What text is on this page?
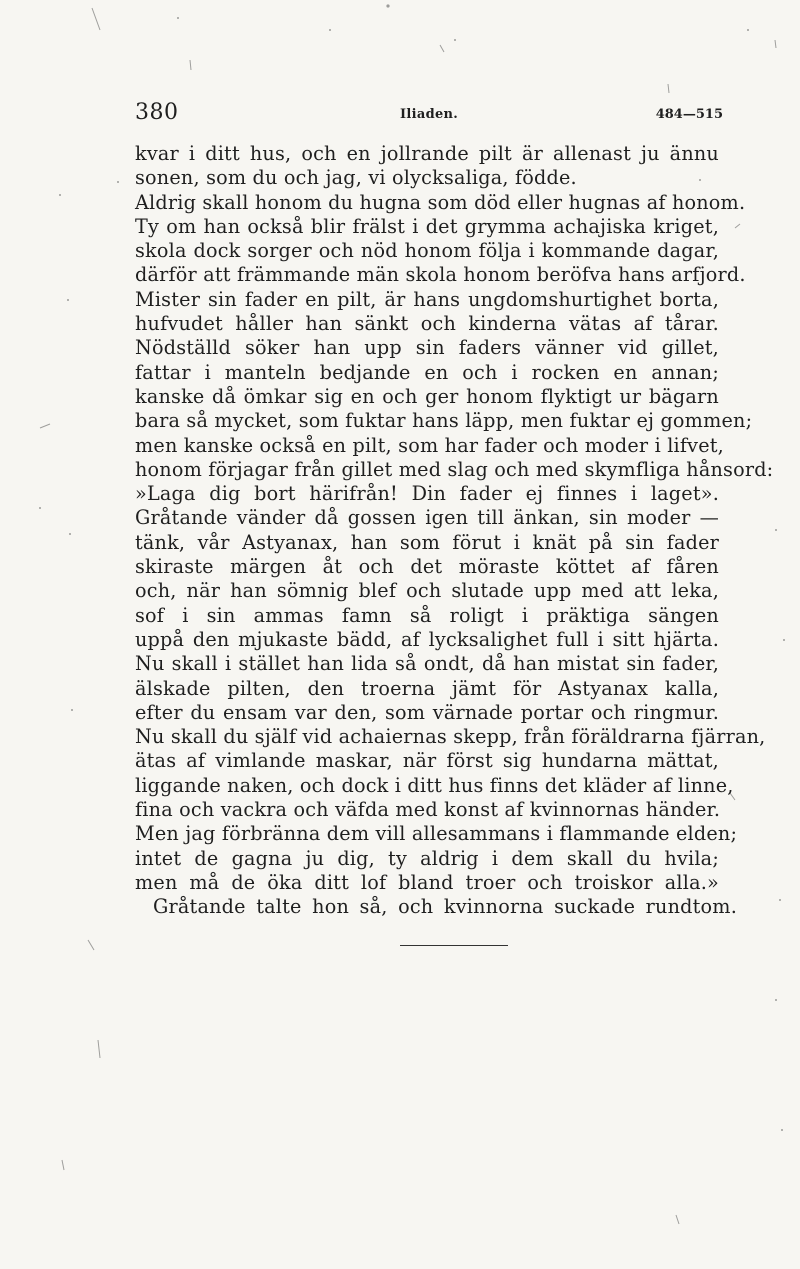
380	Iliaden.	484—515
kvar i ditt hus, och en jollrande pilt är allenast ju ännu
sonen, som du och jag, vi olycksaliga, födde.
Aldrig skall honom du hugna som död eller hugnas af honom.
Ty om han också blir frälst i det grymma achajiska kriget,
skola dock sorger och nöd honom följa i kommande dagar,
därför att främmande män skola honom beröfva hans arfjord.
Mister sin fader en pilt, är hans ungdomshurtighet borta,
hufvudet håller han sänkt och kinderna vätas af tårar.
Nödställd söker han upp sin faders vänner vid gillet,
fattar i manteln bedjande en och i rocken en annan;
kanske då ömkar sig en och ger honom flyktigt ur bägarn
bara så mycket, som fuktar hans läpp, men fuktar ej gommen;
men kanske också en pilt, som har fader och moder i lifvet,
honom förjagar från gillet med slag och med skymfliga hånsord:
»Laga dig bort härifrån! Din fader ej finnes i laget».
Gråtande vänder då gossen igen till änkan, sin moder —
tänk, vår Astyanax, han som förut i knät på sin fader
skiraste märgen åt och det möraste köttet af fåren
och, när han sömnig blef och slutade upp med att leka,
sof i sin ammas famn så roligt i präktiga sängen
uppå den mjukaste bädd, af lycksalighet full i sitt hjärta.
Nu skall i stället han lida så ondt, då han mistat sin fader,
älskade pilten, den troerna jämt för Astyanax kalla,
efter du ensam var den, som värnade portar och ringmur.
Nu skall du själf vid achaiernas skepp, från föräldrarna fjärran,
ätas af vimlande maskar, när först sig hundarna mättat,
liggande naken, och dock i ditt hus finns det kläder af linne,
fina och vackra och väfda med konst af kvinnornas händer.
Men jag förbränna dem vill allesammans i flammande elden;
intet de gagna ju dig, ty aldrig i dem skall du hvila;
men må de öka ditt lof bland troer och troiskor alla.»
Gråtande talte hon så, och kvinnorna suckade rundtom.
